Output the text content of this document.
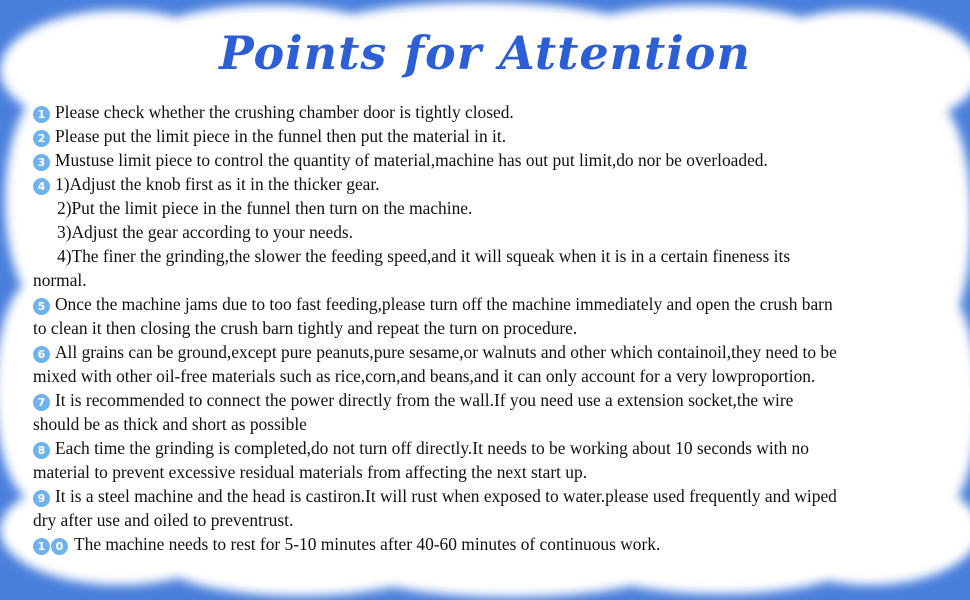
Points for Attention
1 Please check whether the crushing chamber door is tightly closed.
2 Please put the limit piece in the funnel then put the material in it.
3 Mustuse limit piece to control the quantity of material,machine has out put limit,do nor be overloaded.
4 1)Adjust the knob first as it in the thicker gear.
2)Put the limit piece in the funnel then turn on the machine.
3)Adjust the gear according to your needs.
4)The finer the grinding,the slower the feeding speed,and it will squeak when it is in a certain fineness its
normal.
5 Once the machine jams due to too fast feeding,please turn off the machine immediately and open the crush barn
to clean it then closing the crush barn tightly and repeat the turn on procedure.
6 All grains can be ground,except pure peanuts,pure sesame,or walnuts and other which containoil,they need to be
mixed with other oil-free materials such as rice,corn,and beans,and it can only account for a very lowproportion.
7 It is recommended to connect the power directly from the wall.If you need use a extension socket,the wire
should be as thick and short as possible
8 Each time the grinding is completed,do not turn off directly.It needs to be working about 10 seconds with no
material to prevent excessive residual materials from affecting the next start up.
9 It is a steel machine and the head is castiron.It will rust when exposed to water.please used frequently and wiped
dry after use and oiled to preventrust.
1 0 The machine needs to rest for 5-10 minutes after 40-60 minutes of continuous work.
